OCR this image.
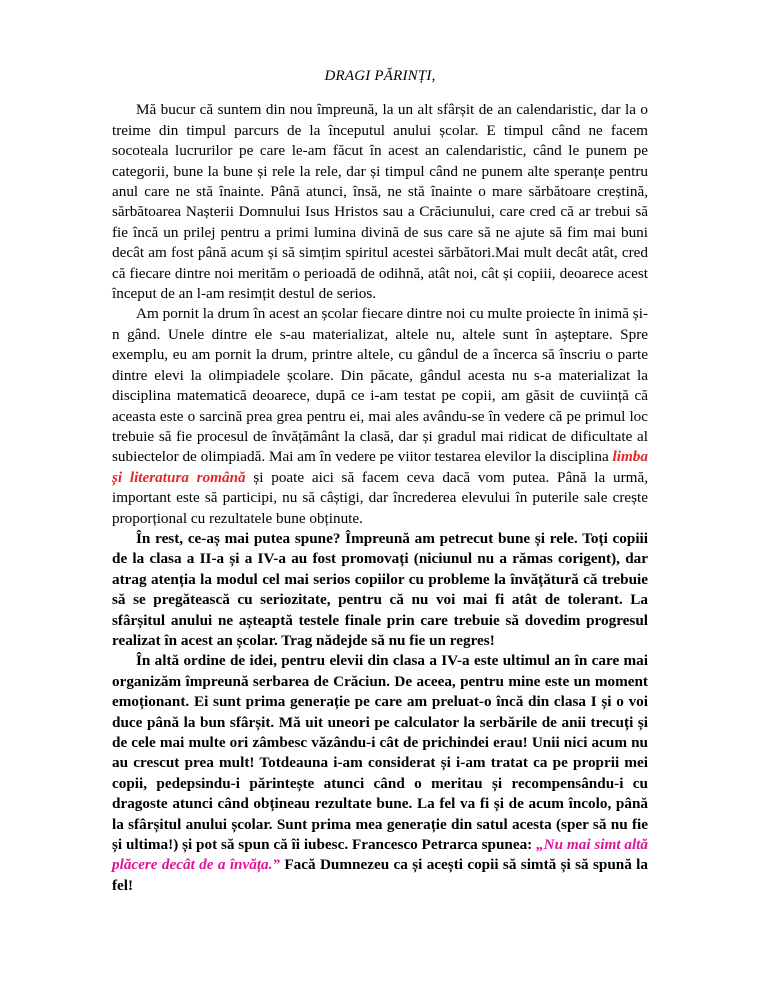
DRAGI PĂRINȚI,

Mă bucur că suntem din nou împreună, la un alt sfârșit de an calendaristic, dar la o treime din timpul parcurs de la începutul anului școlar. E timpul când ne facem socoteala lucrurilor pe care le-am făcut în acest an calendaristic, când le punem pe categorii, bune la bune și rele la rele, dar și timpul când ne punem alte speranțe pentru anul care ne stă înainte. Până atunci, însă, ne stă înainte o mare sărbătoare creștină, sărbătoarea Nașterii Domnului Isus Hristos sau a Crăciunului, care cred că ar trebui să fie încă un prilej pentru a primi lumina divină de sus care să ne ajute să fim mai buni decât am fost până acum și să simțim spiritul acestei sărbători.Mai mult decât atât, cred că fiecare dintre noi merităm o perioadă de odihnă, atât noi, cât și copiii, deoarece acest început de an l-am resimțit destul de serios.

Am pornit la drum în acest an școlar fiecare dintre noi cu multe proiecte în inimă și-n gând. Unele dintre ele s-au materializat, altele nu, altele sunt în așteptare. Spre exemplu, eu am pornit la drum, printre altele, cu gândul de a încerca să înscriu o parte dintre elevi la olimpiadele școlare. Din păcate, gândul acesta nu s-a materializat la disciplina matematică deoarece, după ce i-am testat pe copii, am găsit de cuviință că aceasta este o sarcină prea grea pentru ei, mai ales avându-se în vedere că pe primul loc trebuie să fie procesul de învățământ la clasă, dar și gradul mai ridicat de dificultate al subiectelor de olimpiadă. Mai am în vedere pe viitor testarea elevilor la disciplina limba și literatura română și poate aici să facem ceva dacă vom putea. Până la urmă, important este să participi, nu să câștigi, dar încrederea elevului în puterile sale crește proporțional cu rezultatele bune obținute.

În rest, ce-aș mai putea spune? Împreună am petrecut bune și rele. Toți copiii de la clasa a II-a și a IV-a au fost promovați (niciunul nu a rămas corigent), dar atrag atenția la modul cel mai serios copiilor cu probleme la învățătură că trebuie să se pregătească cu seriozitate, pentru că nu voi mai fi atât de tolerant. La sfârșitul anului ne așteaptă testele finale prin care trebuie să dovedim progresul realizat în acest an școlar. Trag nădejde să nu fie un regres!

În altă ordine de idei, pentru elevii din clasa a IV-a este ultimul an în care mai organizăm împreună serbarea de Crăciun. De aceea, pentru mine este un moment emoționant. Ei sunt prima generație pe care am preluat-o încă din clasa I și o voi duce până la bun sfârșit. Mă uit uneori pe calculator la serbările de anii trecuți și de cele mai multe ori zâmbesc văzându-i cât de prichindei erau! Unii nici acum nu au crescut prea mult! Totdeauna i-am considerat și i-am tratat ca pe proprii mei copii, pedepsindu-i părintește atunci când o meritau și recompensându-i cu dragoste atunci când obțineau rezultate bune. La fel va fi și de acum încolo, până la sfârșitul anului școlar. Sunt prima mea generație din satul acesta (sper să nu fie și ultima!) și pot să spun că îi iubesc. Francesco Petrarca spunea: „Nu mai simt altă plăcere decât de a învăța.” Facă Dumnezeu ca și acești copii să simtă și să spună la fel!
